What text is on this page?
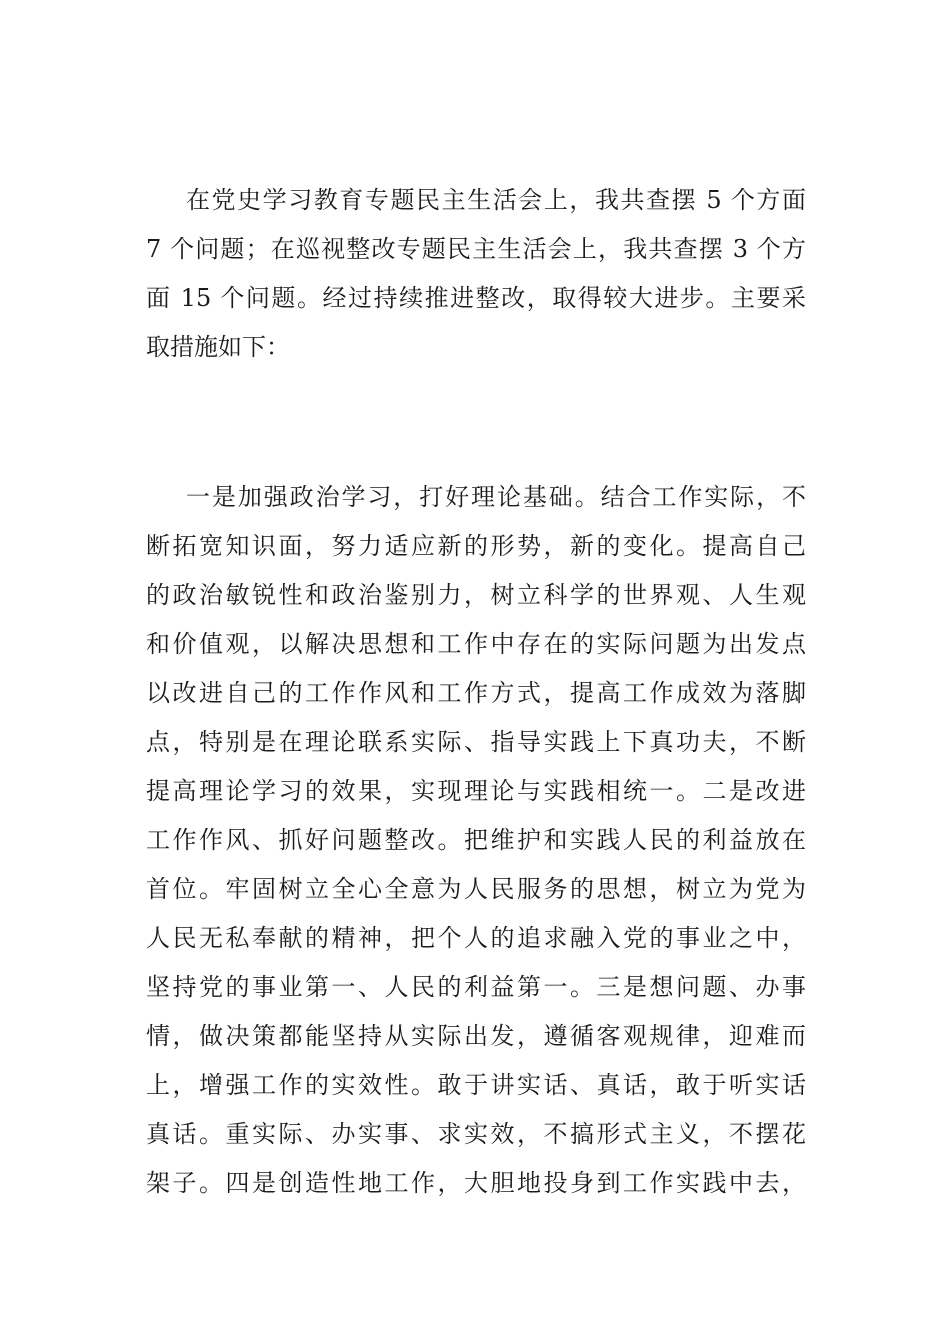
在党史学习教育专题民主生活会上，我共查摆 5 个方面

7 个问题；在巡视整改专题民主生活会上，我共查摆 3 个方

面 15 个问题。经过持续推进整改，取得较大进步。主要采

取措施如下：

一是加强政治学习，打好理论基础。结合工作实际，不

断拓宽知识面，努力适应新的形势，新的变化。提高自己

的政治敏锐性和政治鉴别力，树立科学的世界观、人生观

和价值观，以解决思想和工作中存在的实际问题为出发点

以改进自己的工作作风和工作方式，提高工作成效为落脚

点，特别是在理论联系实际、指导实践上下真功夫，不断

提高理论学习的效果，实现理论与实践相统一。二是改进

工作作风、抓好问题整改。把维护和实践人民的利益放在

首位。牢固树立全心全意为人民服务的思想，树立为党为

人民无私奉献的精神，把个人的追求融入党的事业之中，

坚持党的事业第一、人民的利益第一。三是想问题、办事

情，做决策都能坚持从实际出发，遵循客观规律，迎难而

上，增强工作的实效性。敢于讲实话、真话，敢于听实话

真话。重实际、办实事、求实效，不搞形式主义，不摆花

架子。四是创造性地工作，大胆地投身到工作实践中去，
